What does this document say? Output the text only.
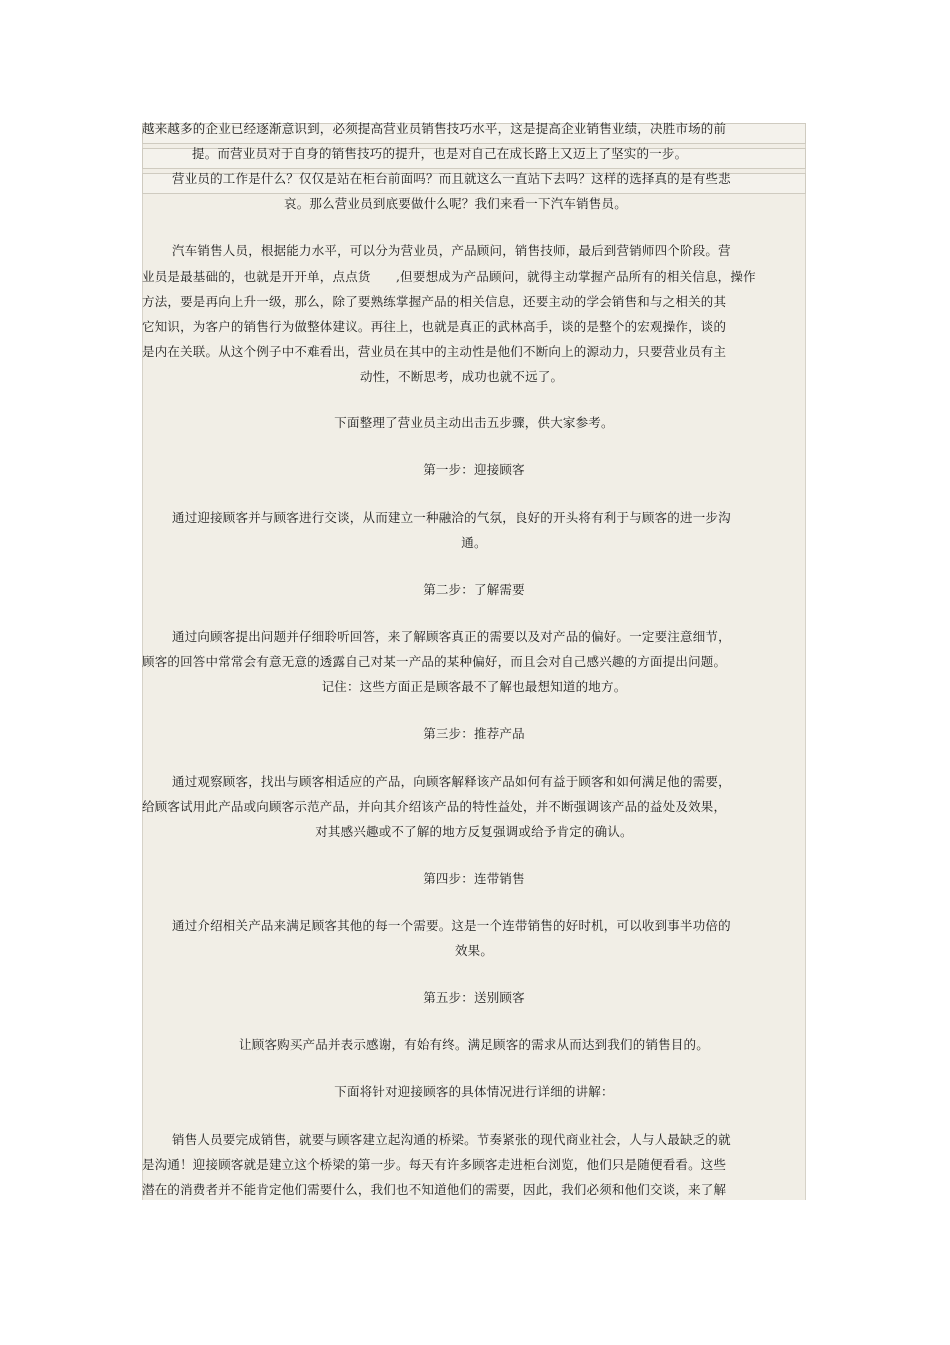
越来越多的企业已经逐渐意识到，必须提高营业员销售技巧水平，这是提高企业销售业绩，决胜市场的前
提。而营业员对于自身的销售技巧的提升，也是对自己在成长路上又迈上了坚实的一步。
营业员的工作是什么？仅仅是站在柜台前面吗？而且就这么一直站下去吗？这样的选择真的是有些悲
哀。那么营业员到底要做什么呢？我们来看一下汽车销售员。
汽车销售人员，根据能力水平，可以分为营业员，产品顾问，销售技师，最后到营销师四个阶段。营
业员是最基础的，也就是开开单，点点货　　,但要想成为产品顾问，就得主动掌握产品所有的相关信息，操作
方法，要是再向上升一级，那么，除了要熟练掌握产品的相关信息，还要主动的学会销售和与之相关的其
它知识，为客户的销售行为做整体建议。再往上，也就是真正的武林高手，谈的是整个的宏观操作，谈的
是内在关联。从这个例子中不难看出，营业员在其中的主动性是他们不断向上的源动力，只要营业员有主
动性，不断思考，成功也就不远了。
下面整理了营业员主动出击五步骤，供大家参考。
第一步：迎接顾客
通过迎接顾客并与顾客进行交谈，从而建立一种融洽的气氛，良好的开头将有利于与顾客的进一步沟
通。
第二步：了解需要
通过向顾客提出问题并仔细聆听回答，来了解顾客真正的需要以及对产品的偏好。一定要注意细节，
顾客的回答中常常会有意无意的透露自己对某一产品的某种偏好，而且会对自己感兴趣的方面提出问题。
记住：这些方面正是顾客最不了解也最想知道的地方。
第三步：推荐产品
通过观察顾客，找出与顾客相适应的产品，向顾客解释该产品如何有益于顾客和如何满足他的需要，
给顾客试用此产品或向顾客示范产品，并向其介绍该产品的特性益处，并不断强调该产品的益处及效果，
对其感兴趣或不了解的地方反复强调或给予肯定的确认。
第四步：连带销售
通过介绍相关产品来满足顾客其他的每一个需要。这是一个连带销售的好时机，可以收到事半功倍的
效果。
第五步：送别顾客
让顾客购买产品并表示感谢，有始有终。满足顾客的需求从而达到我们的销售目的。
下面将针对迎接顾客的具体情况进行详细的讲解：
销售人员要完成销售，就要与顾客建立起沟通的桥梁。节奏紧张的现代商业社会，人与人最缺乏的就
是沟通！迎接顾客就是建立这个桥梁的第一步。每天有许多顾客走进柜台浏览，他们只是随便看看。这些
潜在的消费者并不能肯定他们需要什么，我们也不知道他们的需要，因此，我们必须和他们交谈，来了解
